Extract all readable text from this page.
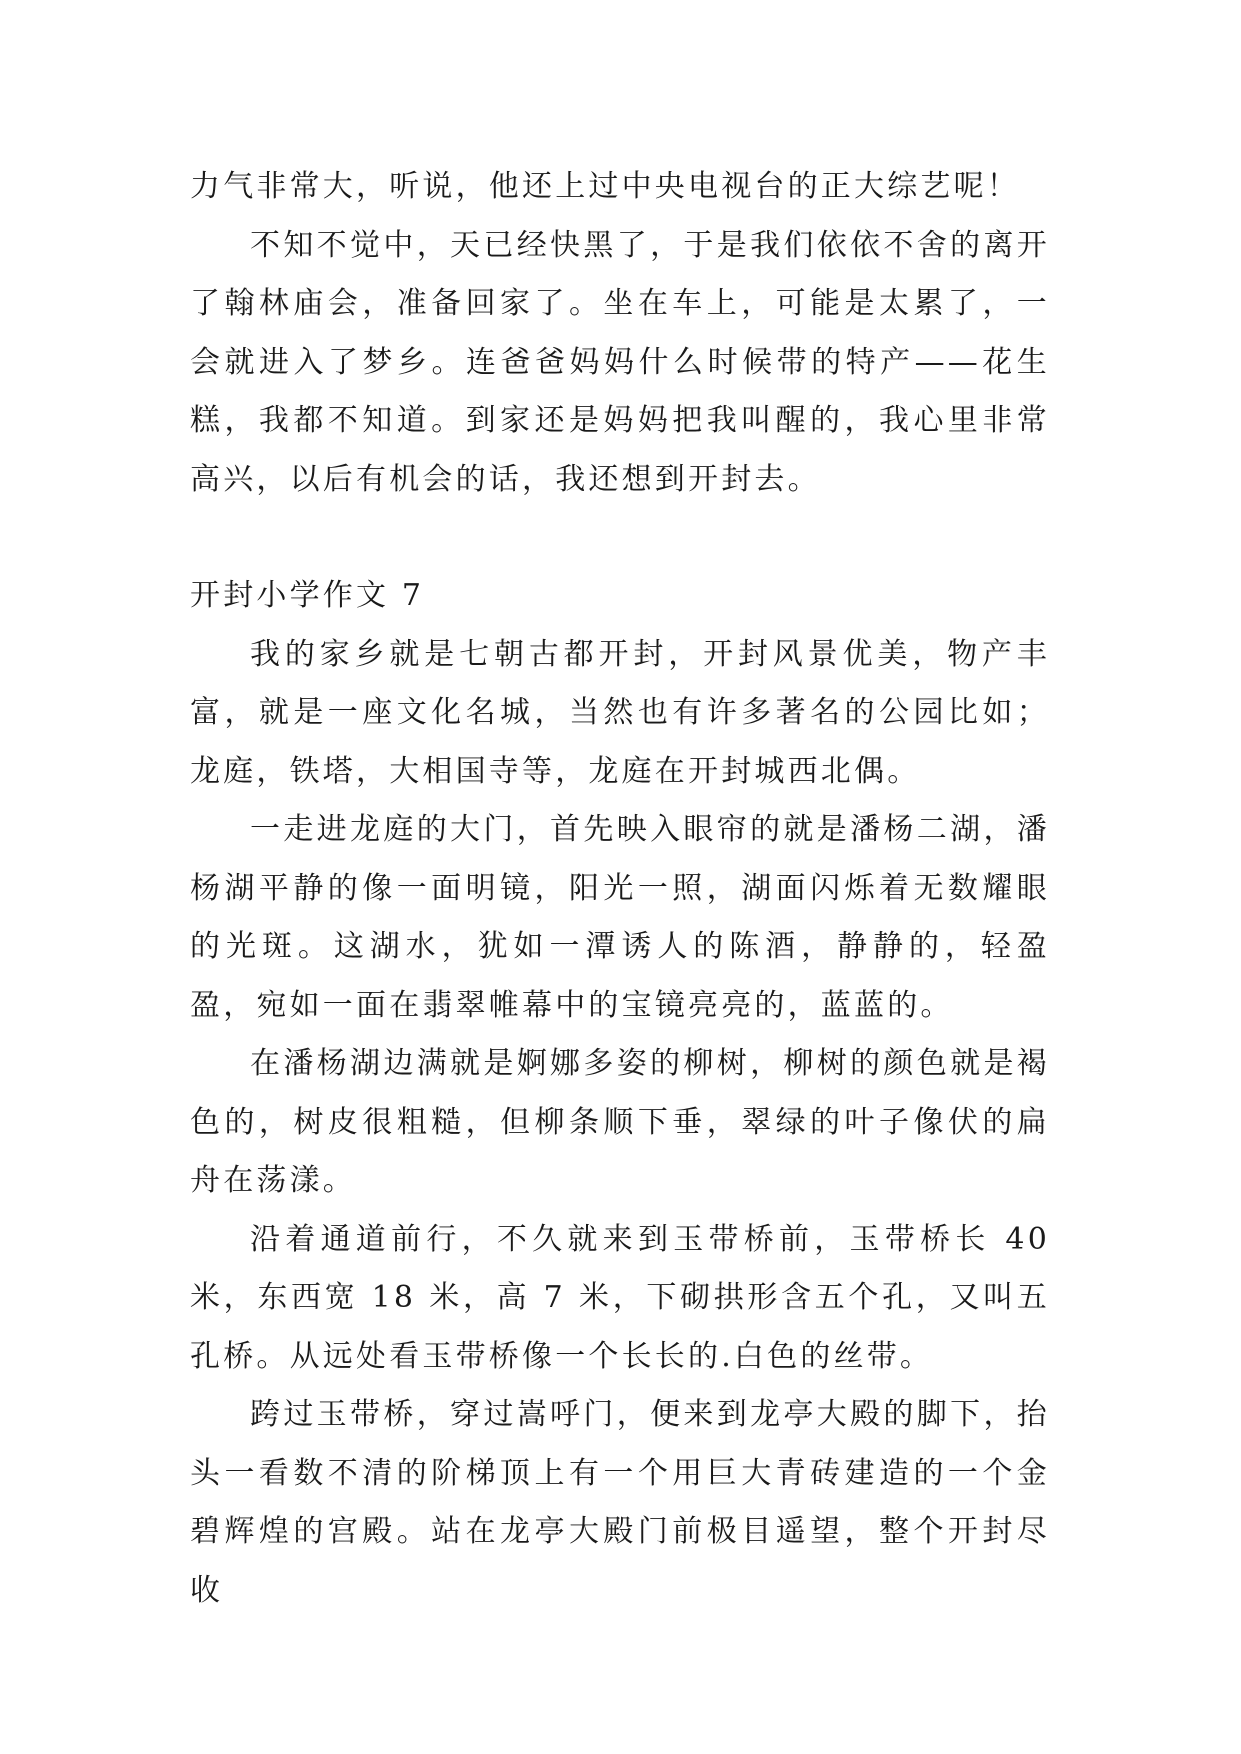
力气非常大，听说，他还上过中央电视台的正大综艺呢！

不知不觉中，天已经快黑了，于是我们依依不舍的离开了翰林庙会，准备回家了。坐在车上，可能是太累了，一会就进入了梦乡。连爸爸妈妈什么时候带的特产——花生糕，我都不知道。到家还是妈妈把我叫醒的，我心里非常高兴，以后有机会的话，我还想到开封去。

开封小学作文 7

我的家乡就是七朝古都开封，开封风景优美，物产丰富，就是一座文化名城，当然也有许多著名的公园比如；龙庭，铁塔，大相国寺等，龙庭在开封城西北偶。

一走进龙庭的大门，首先映入眼帘的就是潘杨二湖，潘杨湖平静的像一面明镜，阳光一照，湖面闪烁着无数耀眼的光斑。这湖水，犹如一潭诱人的陈酒，静静的，轻盈盈，宛如一面在翡翠帷幕中的宝镜亮亮的，蓝蓝的。

在潘杨湖边满就是婀娜多姿的柳树，柳树的颜色就是褐色的，树皮很粗糙，但柳条顺下垂，翠绿的叶子像伏的扁舟在荡漾。

沿着通道前行，不久就来到玉带桥前，玉带桥长 40 米，东西宽 18 米，高 7 米，下砌拱形含五个孔，又叫五孔桥。从远处看玉带桥像一个长长的.白色的丝带。

跨过玉带桥，穿过嵩呼门，便来到龙亭大殿的脚下，抬头一看数不清的阶梯顶上有一个用巨大青砖建造的一个金碧辉煌的宫殿。站在龙亭大殿门前极目遥望，整个开封尽收
